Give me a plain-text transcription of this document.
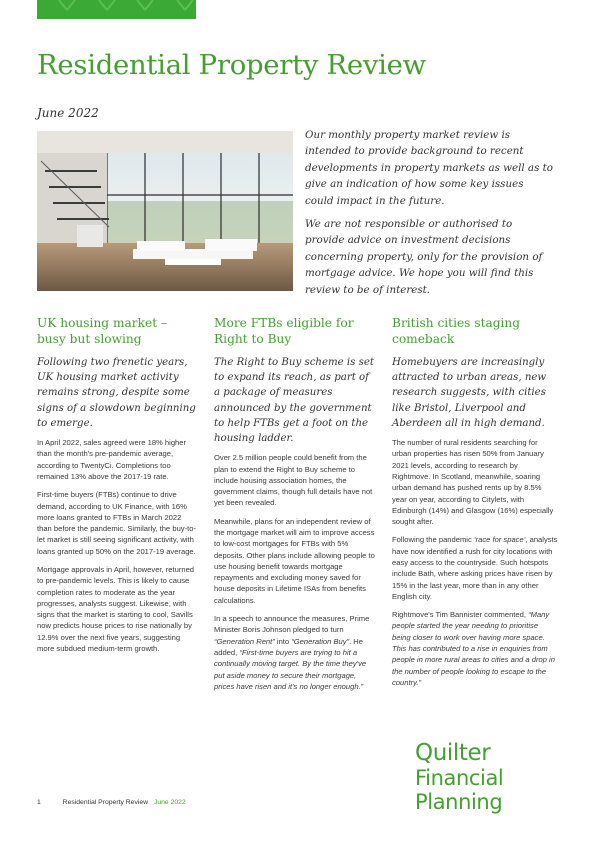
Residential Property Review
June 2022

Our monthly property market review is intended to provide background to recent developments in property markets as well as to give an indication of how some key issues could impact in the future.

We are not responsible or authorised to provide advice on investment decisions concerning property, only for the provision of mortgage advice. We hope you will find this review to be of interest.

UK housing market – busy but slowing
Following two frenetic years, UK housing market activity remains strong, despite some signs of a slowdown beginning to emerge.

In April 2022, sales agreed were 18% higher than the month's pre-pandemic average, according to TwentyCi. Completions too remained 13% above the 2017-19 rate.

First-time buyers (FTBs) continue to drive demand, according to UK Finance, with 16% more loans granted to FTBs in March 2022 than before the pandemic. Similarly, the buy-to-let market is still seeing significant activity, with loans granted up 50% on the 2017-19 average.

Mortgage approvals in April, however, returned to pre-pandemic levels. This is likely to cause completion rates to moderate as the year progresses, analysts suggest. Likewise, with signs that the market is starting to cool, Savills now predicts house prices to rise nationally by 12.9% over the next five years, suggesting more subdued medium-term growth.

More FTBs eligible for Right to Buy
The Right to Buy scheme is set to expand its reach, as part of a package of measures announced by the government to help FTBs get a foot on the housing ladder.

Over 2.5 million people could benefit from the plan to extend the Right to Buy scheme to include housing association homes, the government claims, though full details have not yet been revealed.

Meanwhile, plans for an independent review of the mortgage market will aim to improve access to low-cost mortgages for FTBs with 5% deposits. Other plans include allowing people to use housing benefit towards mortgage repayments and excluding money saved for house deposits in Lifetime ISAs from benefits calculations.

In a speech to announce the measures, Prime Minister Boris Johnson pledged to turn “Generation Rent” into “Generation Buy”. He added, “First-time buyers are trying to hit a continually moving target. By the time they've put aside money to secure their mortgage, prices have risen and it's no longer enough.”

British cities staging comeback
Homebuyers are increasingly attracted to urban areas, new research suggests, with cities like Bristol, Liverpool and Aberdeen all in high demand.

The number of rural residents searching for urban properties has risen 50% from January 2021 levels, according to research by Rightmove. In Scotland, meanwhile, soaring urban demand has pushed rents up by 8.5% year on year, according to Citylets, with Edinburgh (14%) and Glasgow (16%) especially sought after.

Following the pandemic ‘race for space’, analysts have now identified a rush for city locations with easy access to the countryside. Such hotspots include Bath, where asking prices have risen by 15% in the last year, more than in any other English city.

Rightmove's Tim Bannister commented, “Many people started the year needing to prioritise being closer to work over having more space. This has contributed to a rise in enquiries from people in more rural areas to cities and a drop in the number of people looking to escape to the country.”

Quilter
Financial
Planning
1	Residential Property Review June 2022
